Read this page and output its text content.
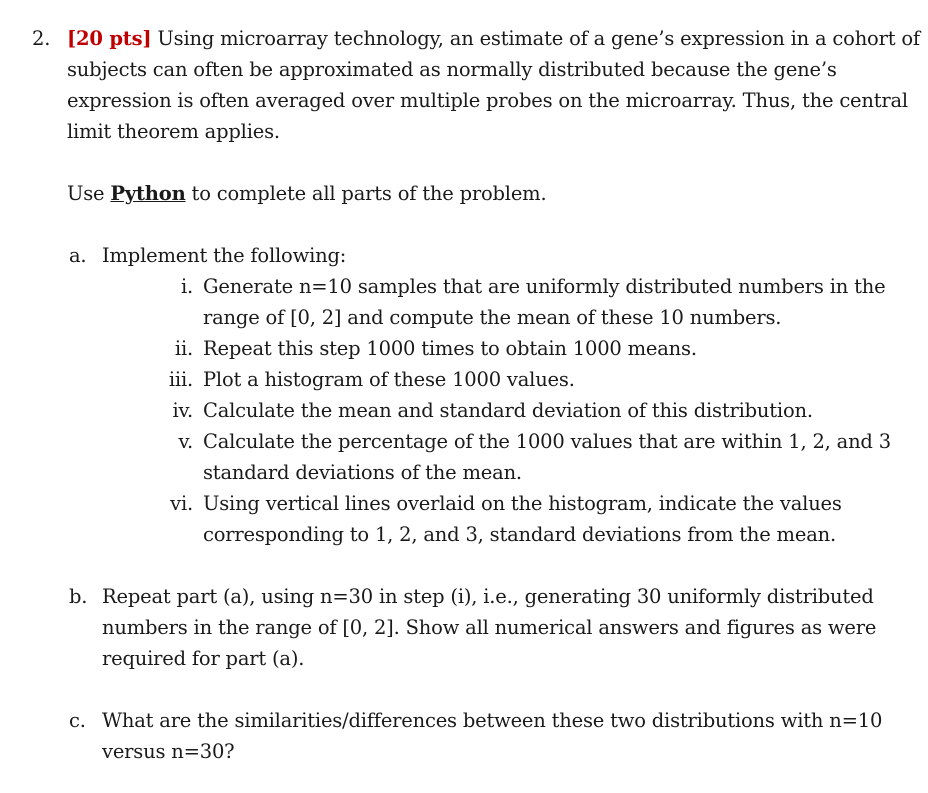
2. [20 pts] Using microarray technology, an estimate of a gene’s expression in a cohort of
subjects can often be approximated as normally distributed because the gene’s
expression is often averaged over multiple probes on the microarray. Thus, the central
limit theorem applies.
Use Python to complete all parts of the problem.
a. Implement the following:
i. Generate n=10 samples that are uniformly distributed numbers in the
range of [0, 2] and compute the mean of these 10 numbers.
ii. Repeat this step 1000 times to obtain 1000 means.
iii. Plot a histogram of these 1000 values.
iv. Calculate the mean and standard deviation of this distribution.
v. Calculate the percentage of the 1000 values that are within 1, 2, and 3
standard deviations of the mean.
vi. Using vertical lines overlaid on the histogram, indicate the values
corresponding to 1, 2, and 3, standard deviations from the mean.
b. Repeat part (a), using n=30 in step (i), i.e., generating 30 uniformly distributed
numbers in the range of [0, 2]. Show all numerical answers and figures as were
required for part (a).
c. What are the similarities/differences between these two distributions with n=10
versus n=30?
